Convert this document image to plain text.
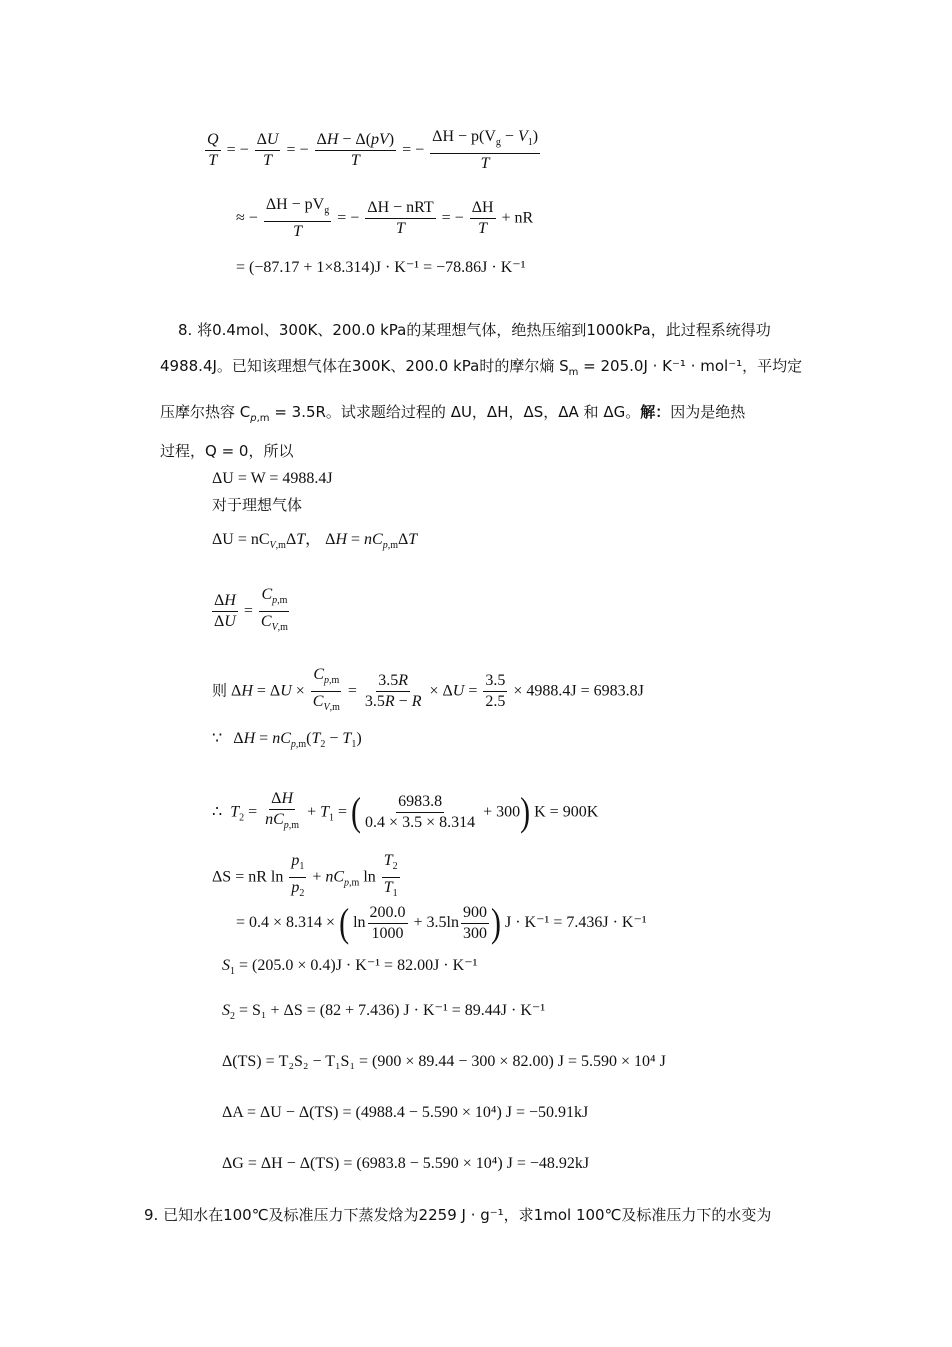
$\frac{Q}{T}$ = − $\frac{\Delta U}{T}$ = − $\frac{\Delta H - \Delta(pV)}{T}$ = − $\frac{\Delta H - p(V_g - V_1)}{T}$
≈ − $\frac{\Delta H - pV_g}{T}$ = − $\frac{\text{ΔH − nRT}}{T}$ = − $\frac{\Delta H}{T}$ + nR
= (−87.17 + 1×8.314)J · K⁻¹ = −78.86J · K⁻¹
8. 将0.4mol、300K、200.0 kPa的某理想气体，绝热压缩到1000kPa，此过程系统得功
4988.4J。已知该理想气体在300K、200.0 kPa时的摩尔熵 $S_m = 205.0J \cdot K^{-1} \cdot mol^{-1}$，平均定
压摩尔热容 $C_{p,m} = 3.5R$。试求题给过程的 ΔU，ΔH，ΔS，ΔA 和 ΔG。解：因为是绝热
过程，Q = 0，所以
ΔU = W = 4988.4J
对于理想气体
$\Delta U = nC_{V,m}\Delta T$， $\Delta H = nC_{p,m}\Delta T$
$\frac{\Delta H}{\Delta U} = \frac{C_{p,m}}{C_{V,m}}$
则 $\Delta H = \Delta U \times \frac{C_{p,m}}{C_{V,m}} = \frac{3.5R}{3.5R - R} \times \Delta U = \frac{3.5}{2.5} \times 4988.4J = 6983.8J$
∵   $\Delta H = nC_{p,m}(T_2 - T_1)$
∴ $T_2 = \frac{\Delta H}{nC_{p,m}} + T_1$ = ( $\frac{6983.8}{0.4 \times 3.5 \times 8.314} + 300$) K = 900K
ΔS = nR $\ln \frac{p_1}{p_2} + nC_{p,m}$ $\ln \frac{T_2}{T_1}$
= 0.4 × 8.314 × ( $\ln \frac{200.0}{1000} + 3.5\ln \frac{900}{300}$ ) J · K⁻¹ = 7.436J · K⁻¹
$S_1 = (205.0 \times 0.4)J \cdot K^{-1} = 82.00J \cdot K^{-1}$
$S_2 = S_1 + \Delta S = (82 + 7.436) J \cdot K^{-1} = 89.44J \cdot K^{-1}$
Δ(TS) = T₂S₂ − T₁S₁ = (900 × 89.44 − 300 × 82.00) J = 5.590 × 10⁴ J
ΔA = ΔU − Δ(TS) = (4988.4 − 5.590 × 10⁴) J = −50.91kJ
ΔG = ΔH − Δ(TS) = (6983.8 − 5.590 × 10⁴) J = −48.92kJ
9. 已知水在100℃及标准压力下蒸发焓为2259 J · g⁻¹，求1mol 100℃及标准压力下的水变为
